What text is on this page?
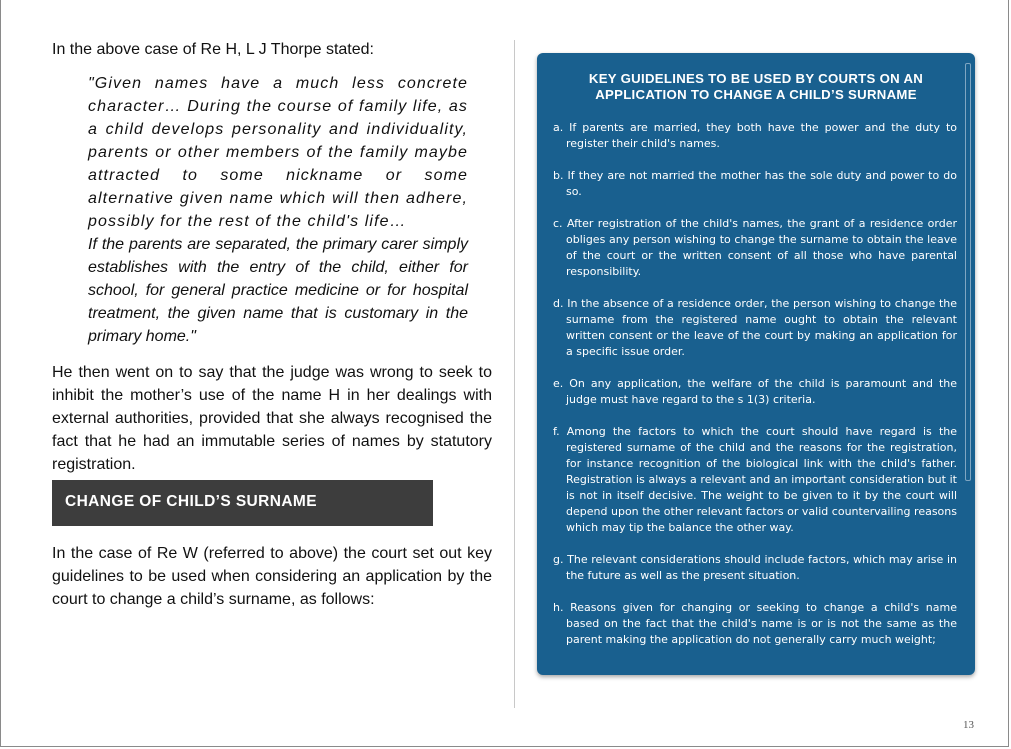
In the above case of Re H, L J Thorpe stated:

"Given names have a much less concrete character… During the course of family life, as a child develops personality and individuality, parents or other members of the family maybe attracted to some nickname or some alternative given name which will then adhere, possibly for the rest of the child's life…

If the parents are separated, the primary carer simply establishes with the entry of the child, either for school, for general practice medicine or for hospital treatment, the given name that is customary in the primary home."

He then went on to say that the judge was wrong to seek to inhibit the mother’s use of the name H in her dealings with external authorities, provided that she always recognised the fact that he had an immutable series of names by statutory registration.

CHANGE OF CHILD’S SURNAME

In the case of Re W (referred to above) the court set out key guidelines to be used when considering an application by the court to change a child’s surname, as follows:

KEY GUIDELINES TO BE USED BY COURTS ON AN
APPLICATION TO CHANGE A CHILD’S SURNAME
a. If parents are married, they both have the power and the duty to register their child's names.
b. If they are not married the mother has the sole duty and power to do so.
c. After registration of the child's names, the grant of a residence order obliges any person wishing to change the surname to obtain the leave of the court or the written consent of all those who have parental responsibility.
d. In the absence of a residence order, the person wishing to change the surname from the registered name ought to obtain the relevant written consent or the leave of the court by making an application for a specific issue order.
e. On any application, the welfare of the child is paramount and the judge must have regard to the s 1(3) criteria.
f. Among the factors to which the court should have regard is the registered surname of the child and the reasons for the registration, for instance recognition of the biological link with the child's father. Registration is always a relevant and an important consideration but it is not in itself decisive. The weight to be given to it by the court will depend upon the other relevant factors or valid countervailing reasons which may tip the balance the other way.
g. The relevant considerations should include factors, which may arise in the future as well as the present situation.
h. Reasons given for changing or seeking to change a child's name based on the fact that the child's name is or is not the same as the parent making the application do not generally carry much weight;
13
